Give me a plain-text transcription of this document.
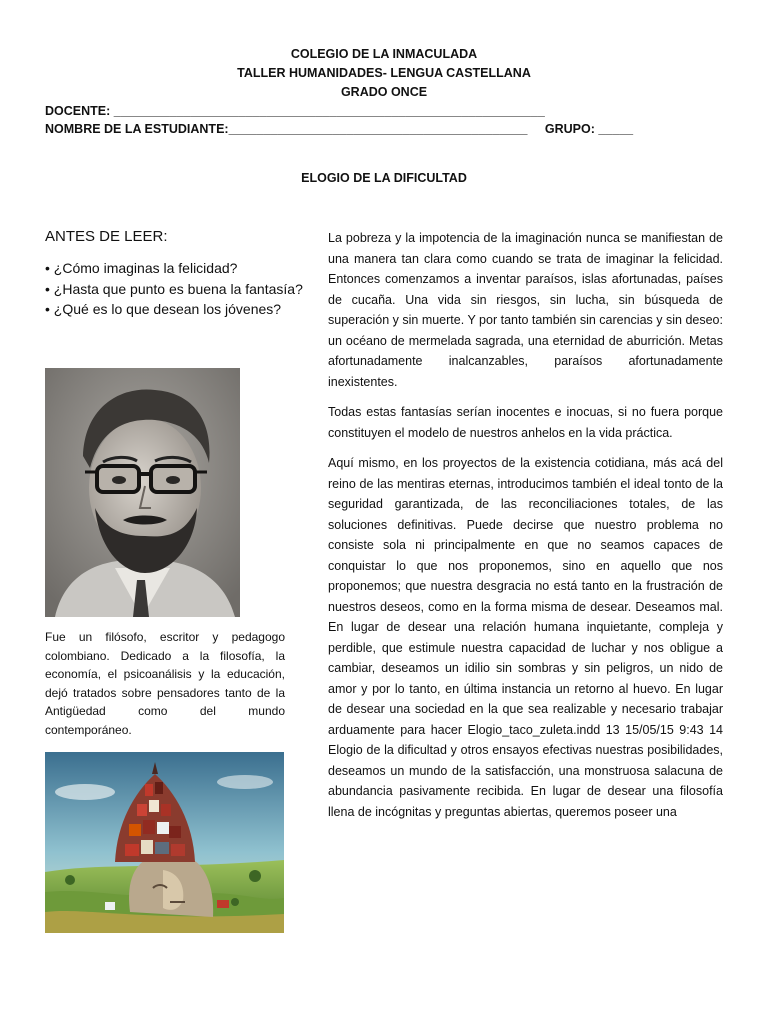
COLEGIO DE LA INMACULADA
TALLER HUMANIDADES- LENGUA CASTELLANA
GRADO ONCE
DOCENTE: ______________________________________________________________
NOMBRE DE LA ESTUDIANTE:___________________________________________     GRUPO: _____
ELOGIO DE LA DIFICULTAD
ANTES DE LEER:
• ¿Cómo imaginas la felicidad?
• ¿Hasta que punto es buena la fantasía?
• ¿Qué es lo que desean los jóvenes?
Fue un filósofo, escritor y pedagogo colombiano. Dedicado a la filosofía, la economía, el psicoanálisis y la educación, dejó tratados sobre pensadores tanto de la Antigüedad como del mundo contemporáneo.

La pobreza y la impotencia de la imaginación nunca se manifiestan de una manera tan clara como cuando se trata de imaginar la felicidad. Entonces comenzamos a inventar paraísos, islas afortunadas, países de cucaña. Una vida sin riesgos, sin lucha, sin búsqueda de superación y sin muerte. Y por tanto también sin carencias y sin deseo: un océano de mermelada sagrada, una eternidad de aburrición. Metas afortunadamente inalcanzables, paraísos afortunadamente inexistentes.

Todas estas fantasías serían inocentes e inocuas, si no fuera porque constituyen el modelo de nuestros anhelos en la vida práctica.

Aquí mismo, en los proyectos de la existencia cotidiana, más acá del reino de las mentiras eternas, introducimos también el ideal tonto de la seguridad garantizada, de las reconciliaciones totales, de las soluciones definitivas. Puede decirse que nuestro problema no consiste sola ni principalmente en que no seamos capaces de conquistar lo que nos proponemos, sino en aquello que nos proponemos; que nuestra desgracia no está tanto en la frustración de nuestros deseos, como en la forma misma de desear. Deseamos mal. En lugar de desear una relación humana inquietante, compleja y perdible, que estimule nuestra capacidad de luchar y nos obligue a cambiar, deseamos un idilio sin sombras y sin peligros, un nido de amor y por lo tanto, en última instancia un retorno al huevo. En lugar de desear una sociedad en la que sea realizable y necesario trabajar arduamente para hacer Elogio_taco_zuleta.indd 13 15/05/15 9:43 14 Elogio de la dificultad y otros ensayos efectivas nuestras posibilidades, deseamos un mundo de la satisfacción, una monstruosa salacuna de abundancia pasivamente recibida. En lugar de desear una filosofía llena de incógnitas y preguntas abiertas, queremos poseer una
